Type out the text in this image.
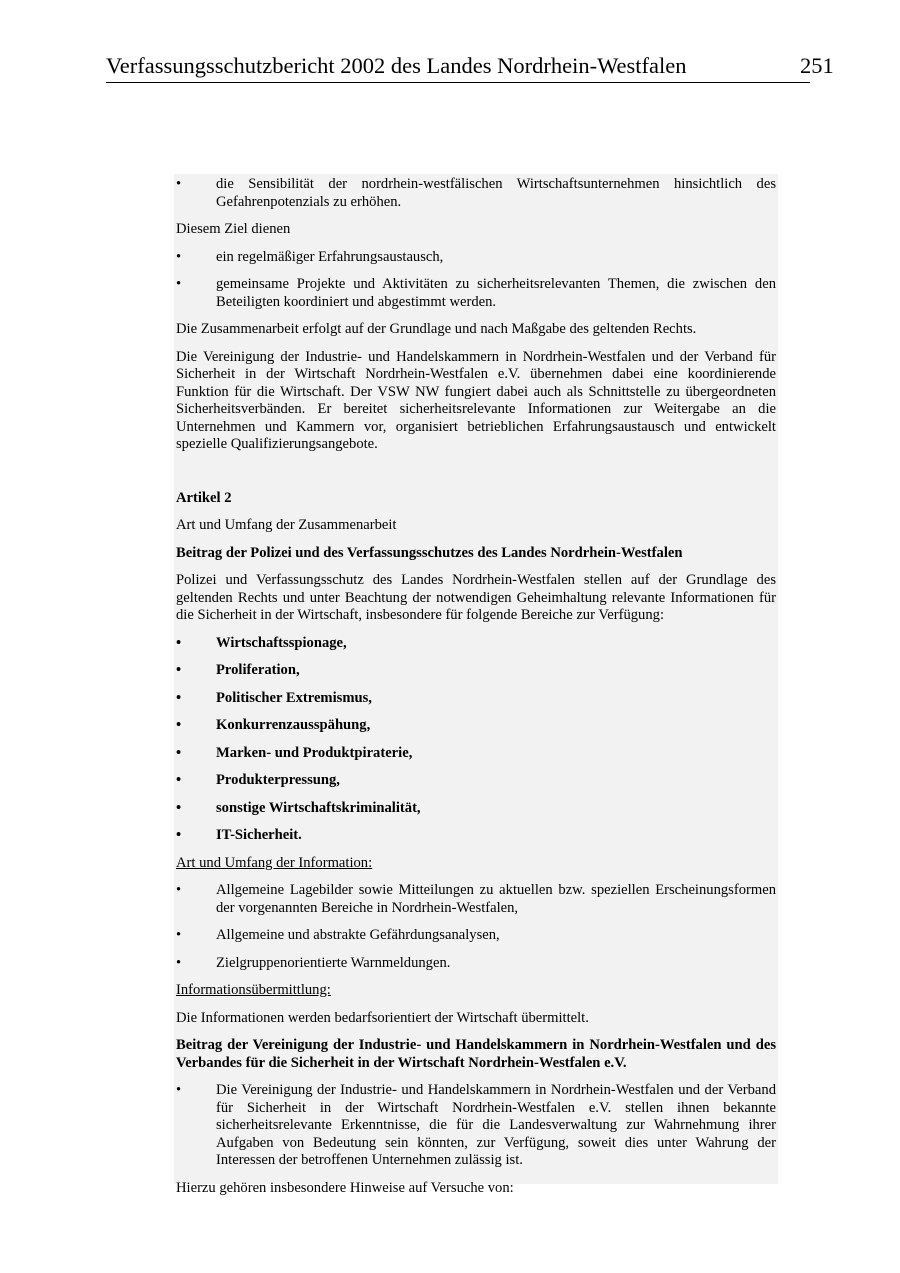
Verfassungsschutzbericht 2002 des Landes Nordrhein-Westfalen	251
• die Sensibilität der nordrhein-westfälischen Wirtschaftsunternehmen hinsichtlich des Gefahrenpotenzials zu erhöhen.

Diesem Ziel dienen

• ein regelmäßiger Erfahrungsaustausch,
• gemeinsame Projekte und Aktivitäten zu sicherheitsrelevanten Themen, die zwischen den Beteiligten koordiniert und abgestimmt werden.

Die Zusammenarbeit erfolgt auf der Grundlage und nach Maßgabe des geltenden Rechts.

Die Vereinigung der Industrie- und Handelskammern in Nordrhein-Westfalen und der Verband für Sicherheit in der Wirtschaft Nordrhein-Westfalen e.V. übernehmen dabei eine koordinierende Funktion für die Wirtschaft. Der VSW NW fungiert dabei auch als Schnittstelle zu übergeordneten Sicherheitsverbänden. Er bereitet sicherheitsrelevante Informationen zur Weitergabe an die Unternehmen und Kammern vor, organisiert betrieblichen Erfahrungsaustausch und entwickelt spezielle Qualifizierungsangebote.

Artikel 2

Art und Umfang der Zusammenarbeit

Beitrag der Polizei und des Verfassungsschutzes des Landes Nordrhein-Westfalen

Polizei und Verfassungsschutz des Landes Nordrhein-Westfalen stellen auf der Grundlage des geltenden Rechts und unter Beachtung der notwendigen Geheimhaltung relevante Informationen für die Sicherheit in der Wirtschaft, insbesondere für folgende Bereiche zur Verfügung:

• Wirtschaftsspionage,
• Proliferation,
• Politischer Extremismus,
• Konkurrenzausspähung,
• Marken- und Produktpiraterie,
• Produkterpressung,
• sonstige Wirtschaftskriminalität,
• IT-Sicherheit.

Art und Umfang der Information:

• Allgemeine Lagebilder sowie Mitteilungen zu aktuellen bzw. speziellen Erscheinungsformen der vorgenannten Bereiche in Nordrhein-Westfalen,
• Allgemeine und abstrakte Gefährdungsanalysen,
• Zielgruppenorientierte Warnmeldungen.

Informationsübermittlung:

Die Informationen werden bedarfsorientiert der Wirtschaft übermittelt.

Beitrag der Vereinigung der Industrie- und Handelskammern in Nordrhein-Westfalen und des Verbandes für die Sicherheit in der Wirtschaft Nordrhein-Westfalen e.V.

• Die Vereinigung der Industrie- und Handelskammern in Nordrhein-Westfalen und der Verband für Sicherheit in der Wirtschaft Nordrhein-Westfalen e.V. stellen ihnen bekannte sicherheitsrelevante Erkenntnisse, die für die Landesverwaltung zur Wahrnehmung ihrer Aufgaben von Bedeutung sein könnten, zur Verfügung, soweit dies unter Wahrung der Interessen der betroffenen Unternehmen zulässig ist.

Hierzu gehören insbesondere Hinweise auf Versuche von:
